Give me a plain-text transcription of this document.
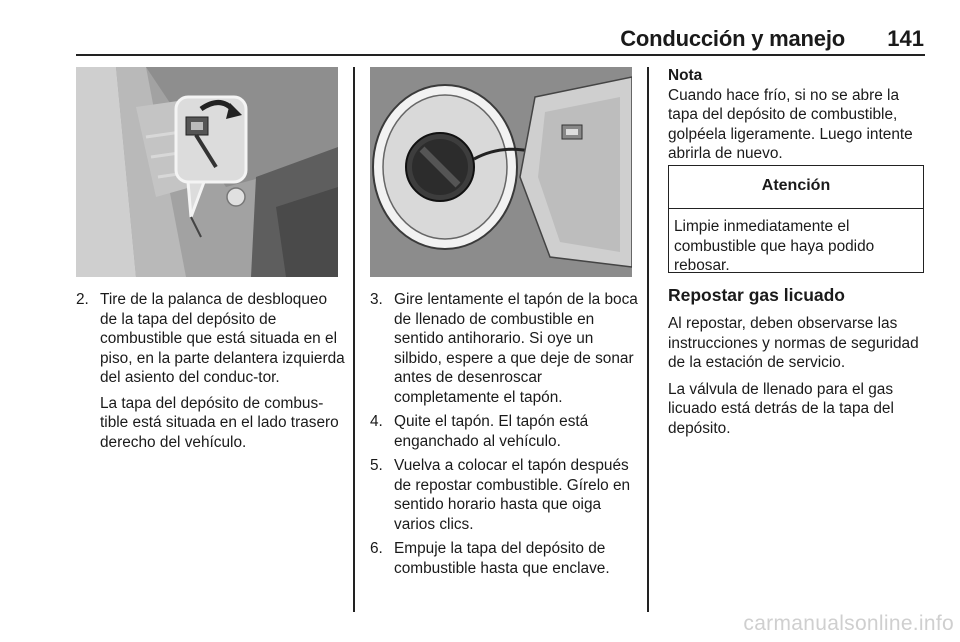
Conducción y manejo	141
2. Tire de la palanca de desbloqueo de la tapa del depósito de combustible que está situada en el piso, en la parte delantera izquierda del asiento del conduc-tor.

La tapa del depósito de combus-tible está situada en el lado trasero derecho del vehículo.

3. Gire lentamente el tapón de la boca de llenado de combustible en sentido antihorario. Si oye un silbido, espere a que deje de sonar antes de desenroscar completamente el tapón.

4. Quite el tapón. El tapón está enganchado al vehículo.

5. Vuelva a colocar el tapón después de repostar combustible. Gírelo en sentido horario hasta que oiga varios clics.

6. Empuje la tapa del depósito de combustible hasta que enclave.

Nota
Cuando hace frío, si no se abre la tapa del depósito de combustible, golpéela ligeramente. Luego intente abrirla de nuevo.
Atención
Limpie inmediatamente el combustible que haya podido rebosar.
Repostar gas licuado

Al repostar, deben observarse las instrucciones y normas de seguridad de la estación de servicio.

La válvula de llenado para el gas licuado está detrás de la tapa del depósito.

carmanualsonline.info
